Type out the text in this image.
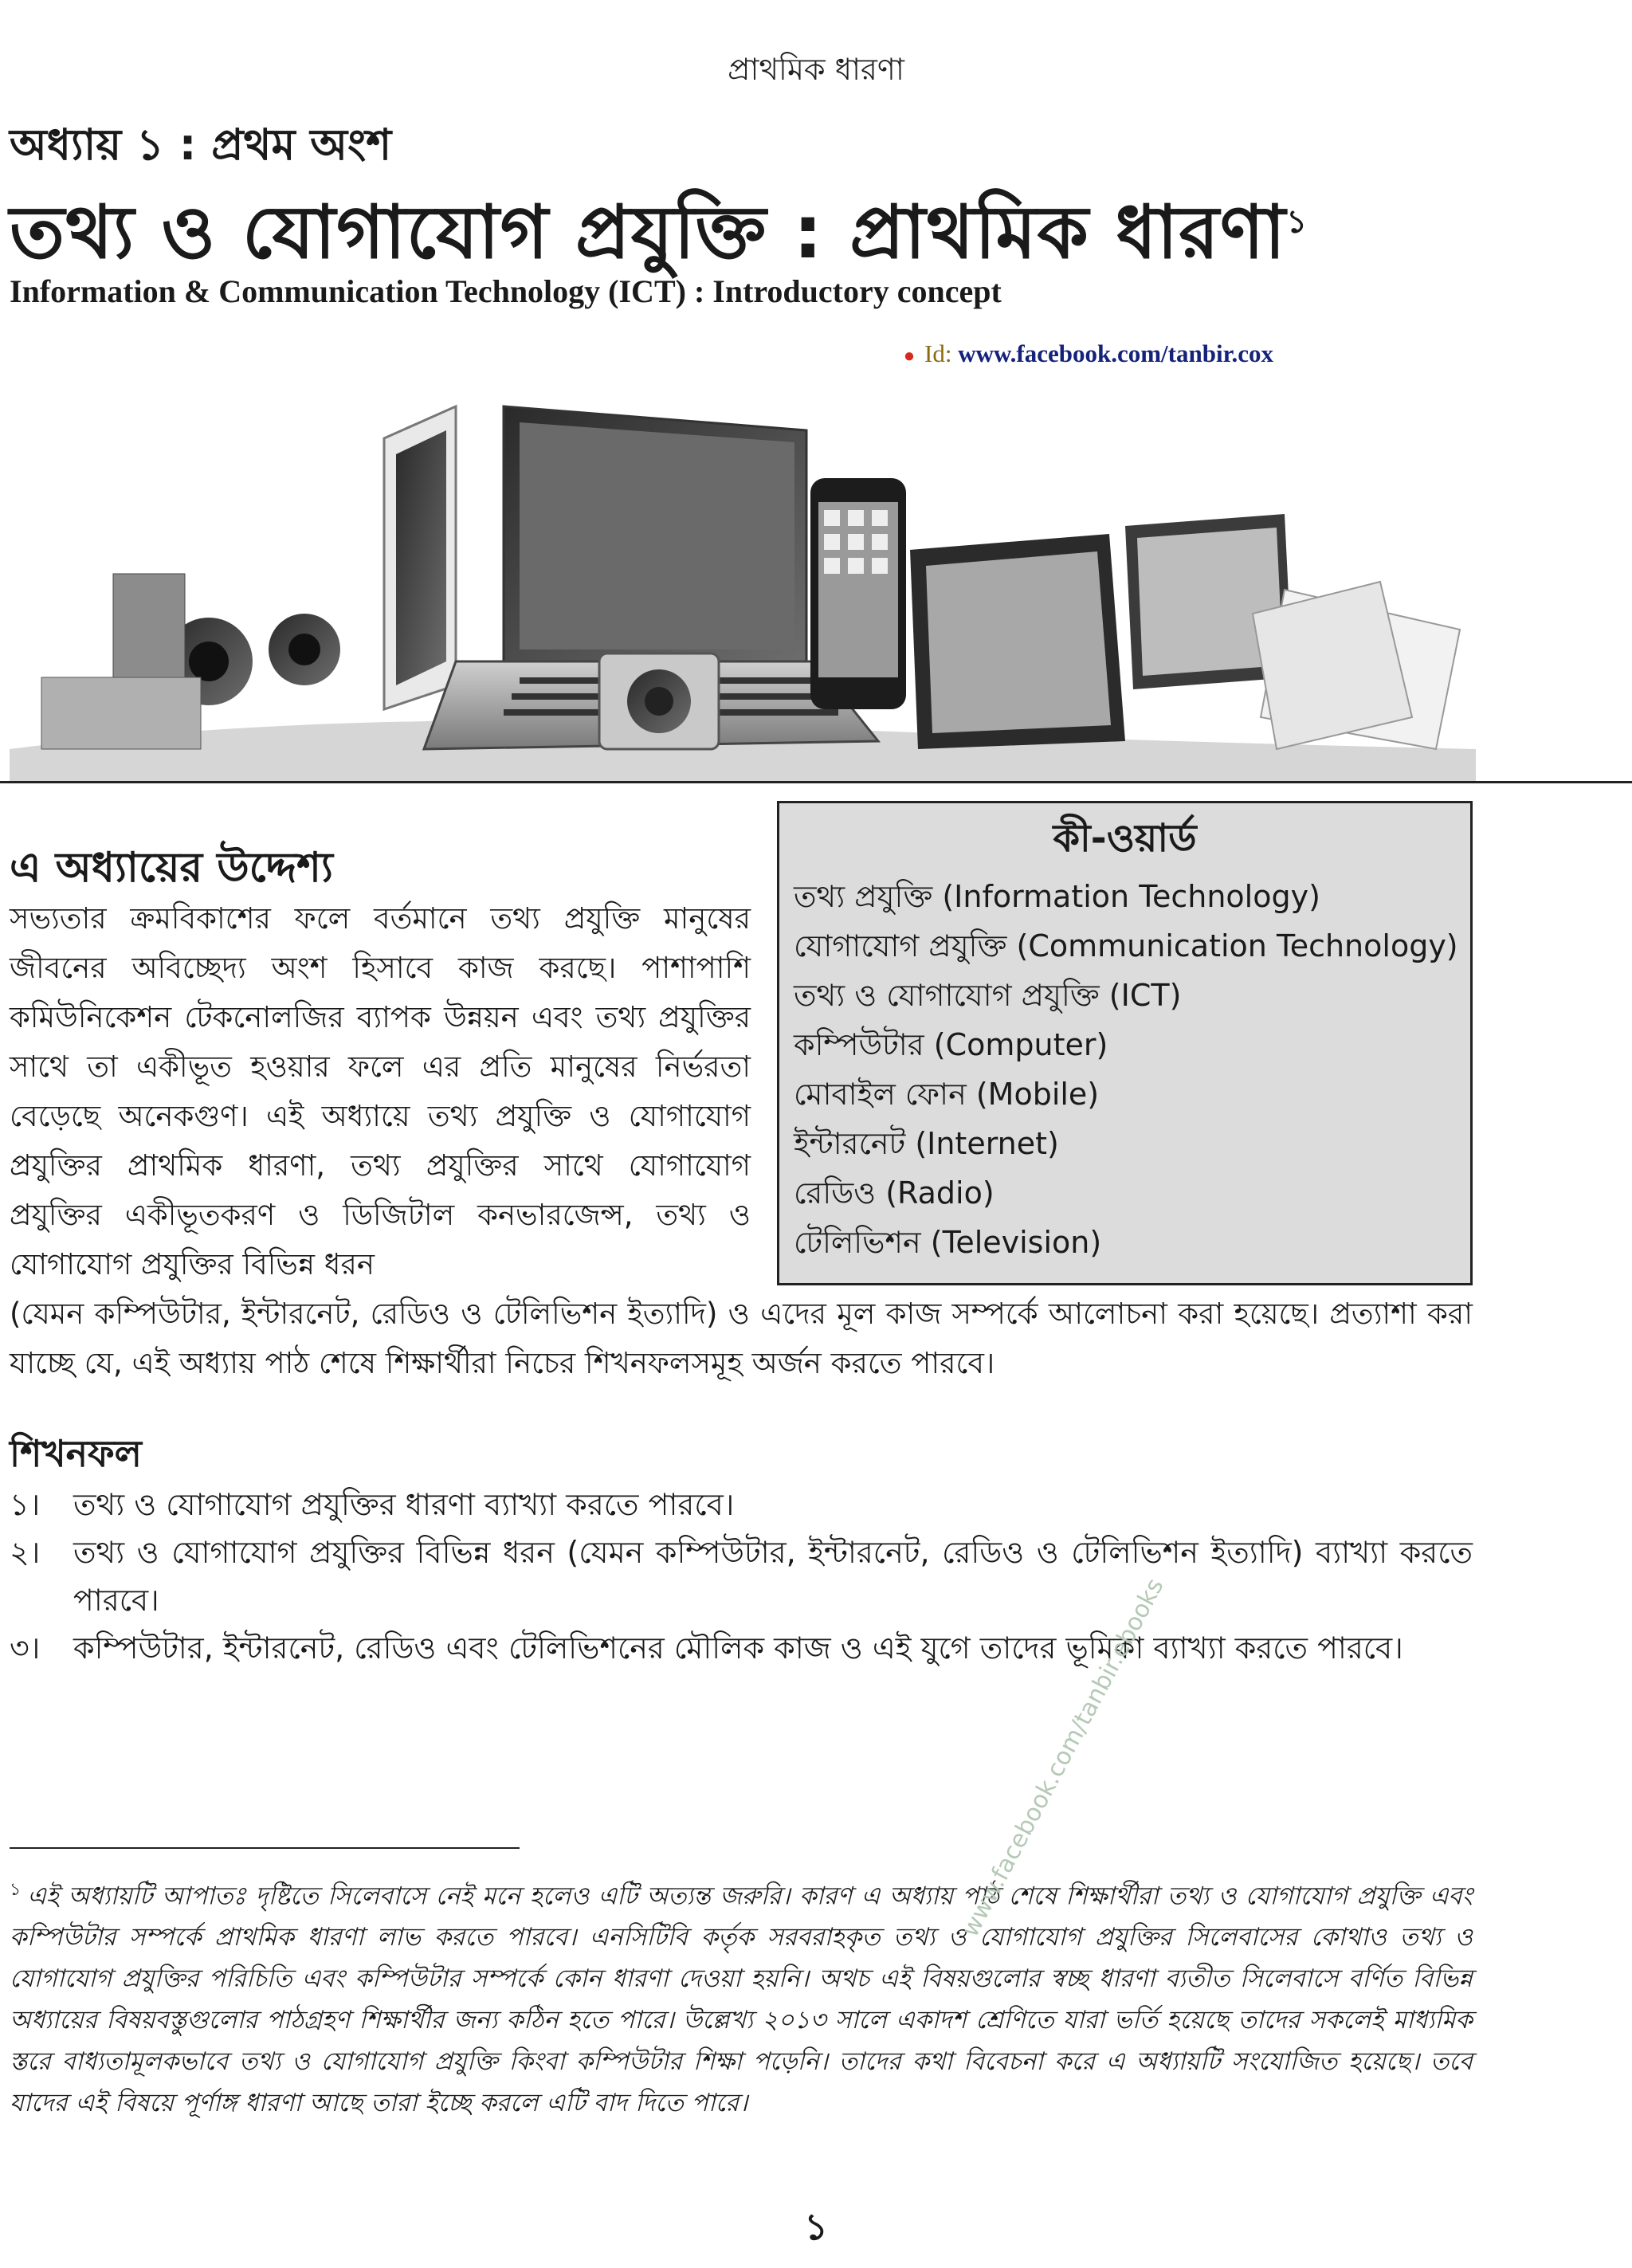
প্রাথমিক ধারণা
অধ্যায় ১ : প্রথম অংশ
তথ্য ও যোগাযোগ প্রযুক্তি : প্রাথমিক ধারণা$^১$
Information & Communication Technology (ICT) : Introductory concept
● Id: www.facebook.com/tanbir.cox
কী-ওয়ার্ড
তথ্য প্রযুক্তি (Information Technology)
যোগাযোগ প্রযুক্তি (Communication Technology)
তথ্য ও যোগাযোগ প্রযুক্তি (ICT)
কম্পিউটার (Computer)
মোবাইল ফোন (Mobile)
ইন্টারনেট (Internet)
রেডিও (Radio)
টেলিভিশন (Television)
এ অধ্যায়ের উদ্দেশ্য
সভ্যতার ক্রমবিকাশের ফলে বর্তমানে তথ্য প্রযুক্তি মানুষের জীবনের অবিচ্ছেদ্য অংশ হিসাবে কাজ করছে। পাশাপাশি কমিউনিকেশন টেকনোলজির ব্যাপক উন্নয়ন এবং তথ্য প্রযুক্তির সাথে তা একীভূত হওয়ার ফলে এর প্রতি মানুষের নির্ভরতা বেড়েছে অনেকগুণ। এই অধ্যায়ে তথ্য প্রযুক্তি ও যোগাযোগ প্রযুক্তির প্রাথমিক ধারণা, তথ্য প্রযুক্তির সাথে যোগাযোগ প্রযুক্তির একীভূতকরণ ও ডিজিটাল কনভারজেন্স, তথ্য ও যোগাযোগ প্রযুক্তির বিভিন্ন ধরন
(যেমন কম্পিউটার, ইন্টারনেট, রেডিও ও টেলিভিশন ইত্যাদি) ও এদের মূল কাজ সম্পর্কে আলোচনা করা হয়েছে। প্রত্যাশা করা যাচ্ছে যে, এই অধ্যায় পাঠ শেষে শিক্ষার্থীরা নিচের শিখনফলসমূহ অর্জন করতে পারবে।
শিখনফল
১।	তথ্য ও যোগাযোগ প্রযুক্তির ধারণা ব্যাখ্যা করতে পারবে।
২।	তথ্য ও যোগাযোগ প্রযুক্তির বিভিন্ন ধরন (যেমন কম্পিউটার, ইন্টারনেট, রেডিও ও টেলিভিশন ইত্যাদি) ব্যাখ্যা করতে পারবে।
৩।	কম্পিউটার, ইন্টারনেট, রেডিও এবং টেলিভিশনের মৌলিক কাজ ও এই যুগে তাদের ভূমিকা ব্যাখ্যা করতে পারবে।
$^১$ এই অধ্যায়টি আপাতঃ দৃষ্টিতে সিলেবাসে নেই মনে হলেও এটি অত্যন্ত জরুরি। কারণ এ অধ্যায় পাঠ শেষে শিক্ষার্থীরা তথ্য ও যোগাযোগ প্রযুক্তি এবং কম্পিউটার সম্পর্কে প্রাথমিক ধারণা লাভ করতে পারবে। এনসিটিবি কর্তৃক সরবরাহকৃত তথ্য ও যোগাযোগ প্রযুক্তির সিলেবাসের কোথাও তথ্য ও যোগাযোগ প্রযুক্তির পরিচিতি এবং কম্পিউটার সম্পর্কে কোন ধারণা দেওয়া হয়নি। অথচ এই বিষয়গুলোর স্বচ্ছ ধারণা ব্যতীত সিলেবাসে বর্ণিত বিভিন্ন অধ্যায়ের বিষয়বস্তুগুলোর পাঠগ্রহণ শিক্ষার্থীর জন্য কঠিন হতে পারে। উল্লেখ্য ২০১৩ সালে একাদশ শ্রেণিতে যারা ভর্তি হয়েছে তাদের সকলেই মাধ্যমিক স্তরে বাধ্যতামূলকভাবে তথ্য ও যোগাযোগ প্রযুক্তি কিংবা কম্পিউটার শিক্ষা পড়েনি। তাদের কথা বিবেচনা করে এ অধ্যায়টি সংযোজিত হয়েছে। তবে যাদের এই বিষয়ে পূর্ণাঙ্গ ধারণা আছে তারা ইচ্ছে করলে এটি বাদ দিতে পারে।
www.facebook.com/tanbir.ebooks
১
